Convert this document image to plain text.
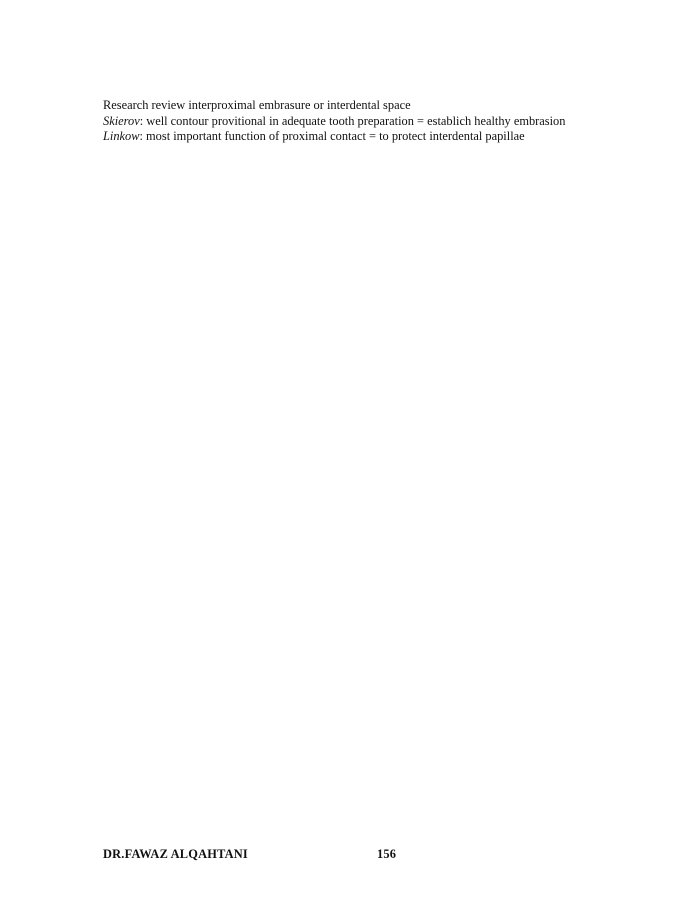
Research review interproximal embrasure or interdental space
Skierov: well contour provitional in adequate tooth preparation = establich healthy embrasion
Linkow: most important function of proximal contact = to protect interdental papillae
DR.FAWAZ ALQAHTANI	156
